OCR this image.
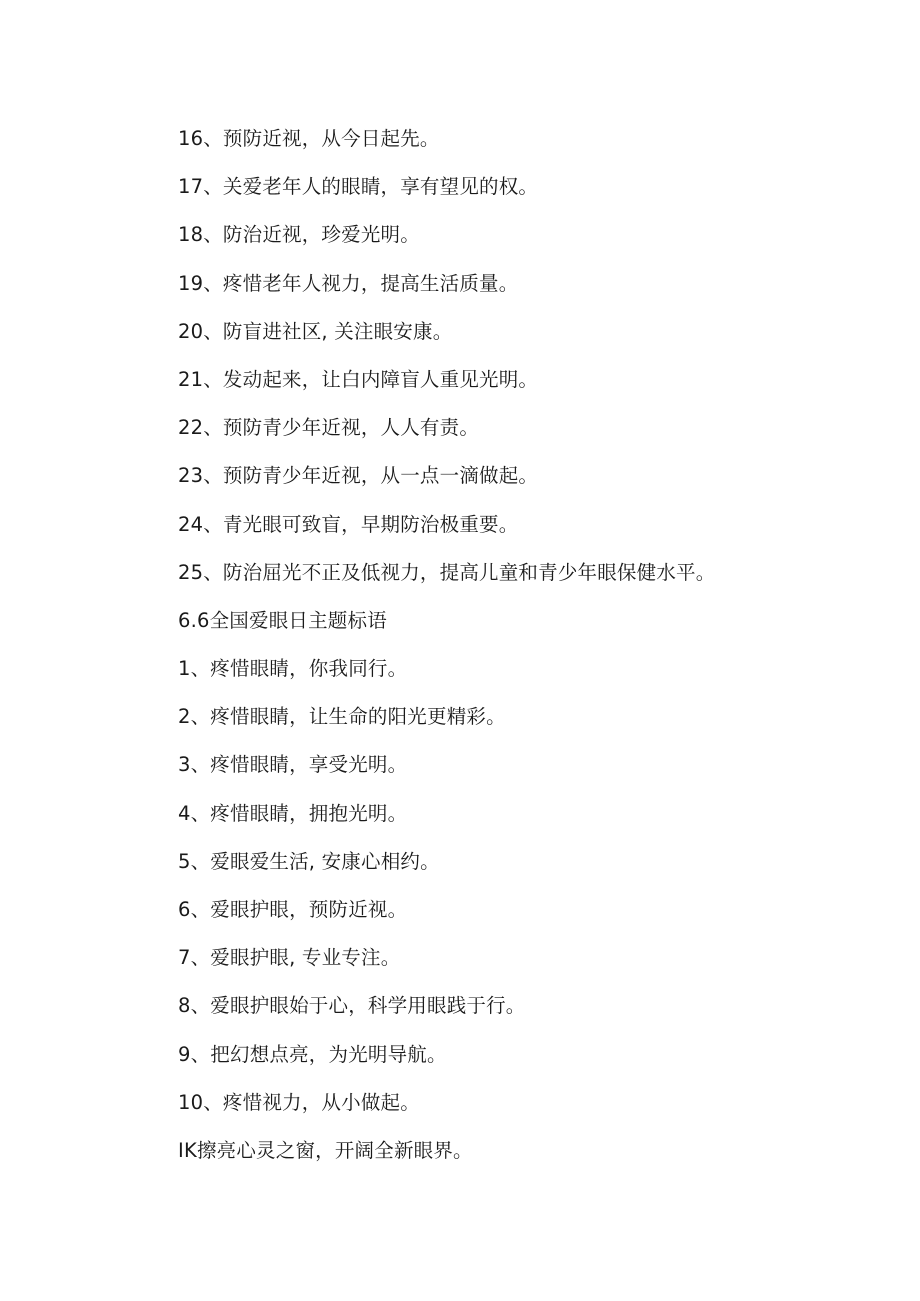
16、预防近视，从今日起先。
17、关爱老年人的眼睛，享有望见的权。
18、防治近视，珍爱光明。
19、疼惜老年人视力，提高生活质量。
20、防盲进社区, 关注眼安康。
21、发动起来，让白内障盲人重见光明。
22、预防青少年近视，人人有责。
23、预防青少年近视，从一点一滴做起。
24、青光眼可致盲，早期防治极重要。
25、防治屈光不正及低视力，提高儿童和青少年眼保健水平。
6.6全国爱眼日主题标语
1、疼惜眼睛，你我同行。
2、疼惜眼睛，让生命的阳光更精彩。
3、疼惜眼睛，享受光明。
4、疼惜眼睛，拥抱光明。
5、爱眼爱生活, 安康心相约。
6、爱眼护眼，预防近视。
7、爱眼护眼, 专业专注。
8、爱眼护眼始于心，科学用眼践于行。
9、把幻想点亮，为光明导航。
10、疼惜视力，从小做起。
IK擦亮心灵之窗，开阔全新眼界。
